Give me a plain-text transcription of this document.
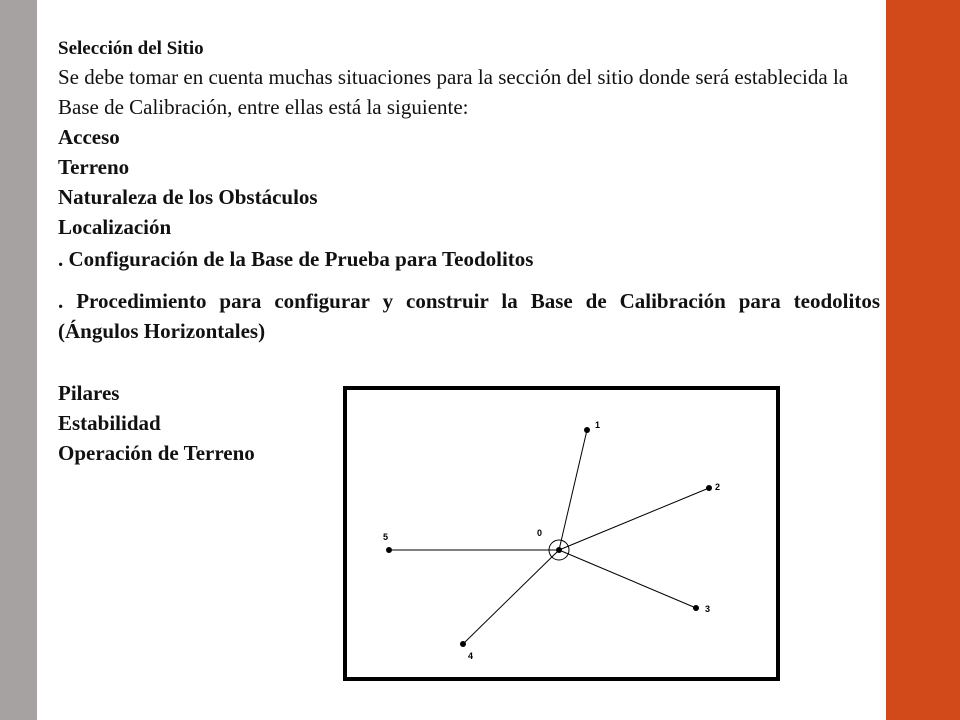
Selección del Sitio

Se debe tomar en cuenta muchas situaciones para la sección del sitio donde será establecida la Base de Calibración, entre ellas está la siguiente:

Acceso

Terreno

Naturaleza de los Obstáculos

Localización

. Configuración de la Base de Prueba para Teodolitos

. Procedimiento para configurar y construir la Base de Calibración para teodolitos (Ángulos Horizontales)

Pilares

Estabilidad

Operación de Terreno

0
1
2
3
4
5
